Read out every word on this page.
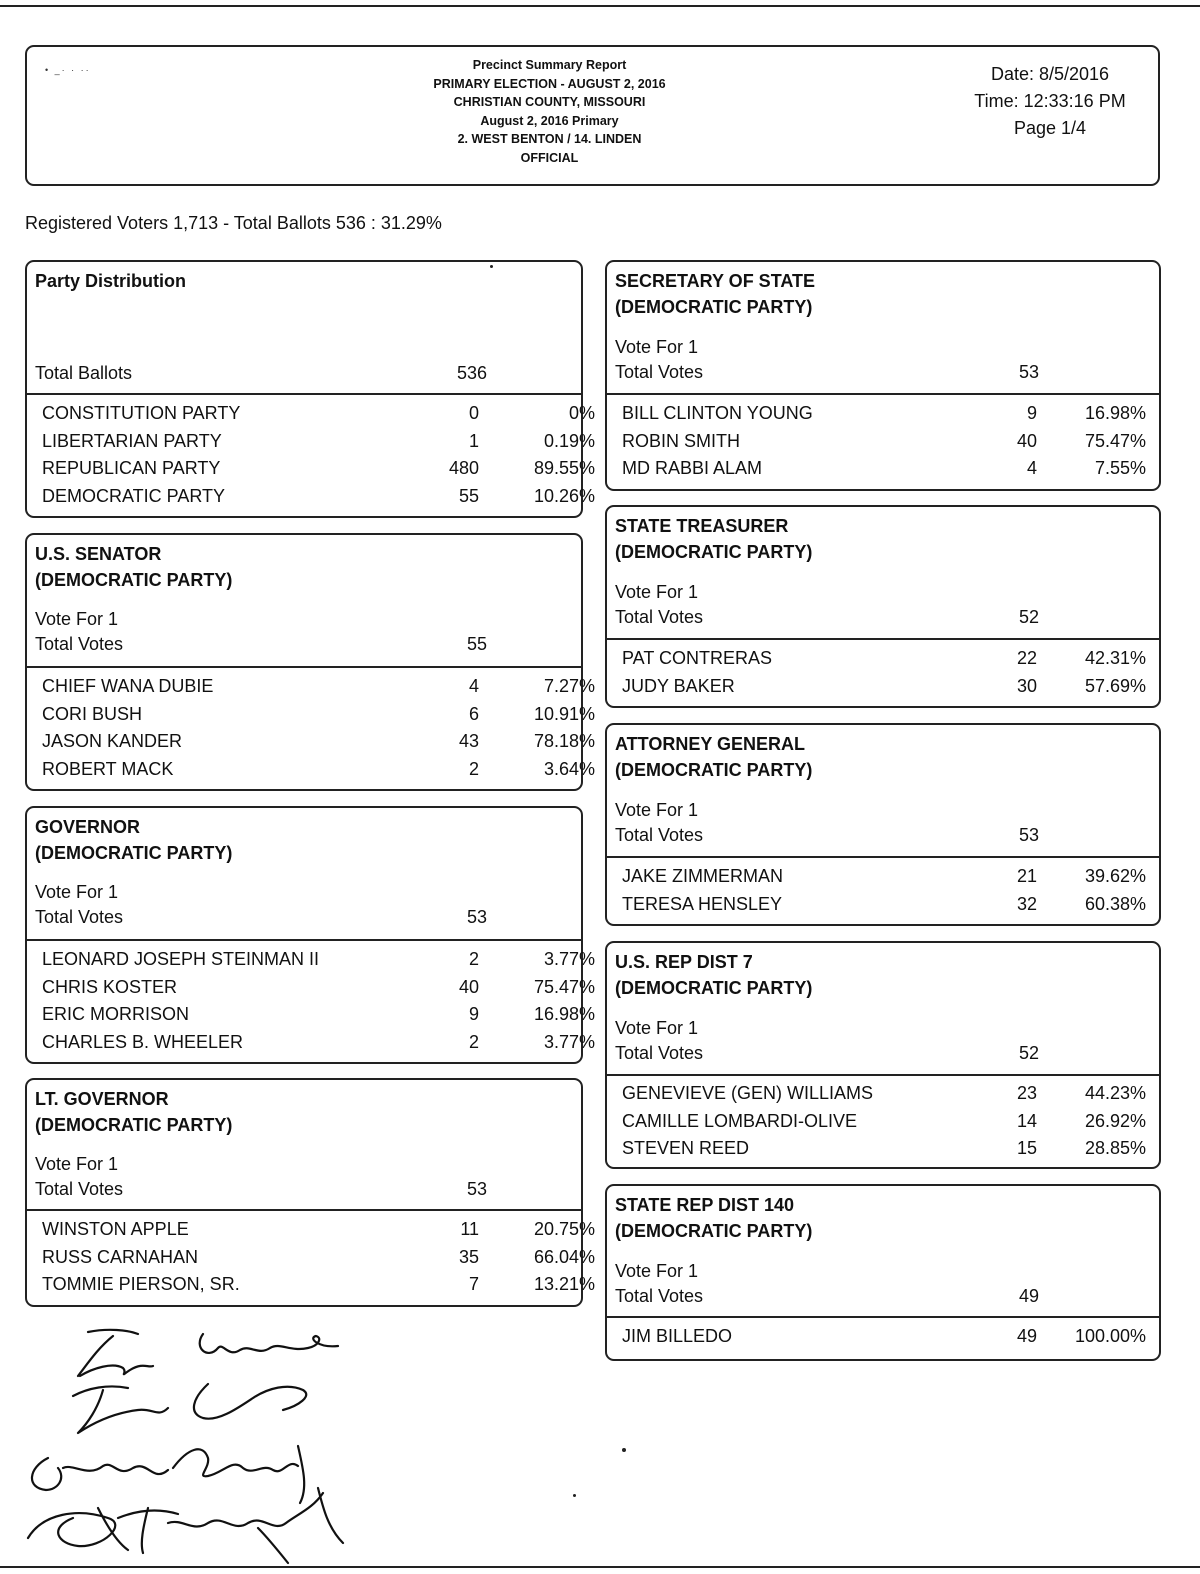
• _· · ··	Precinct Summary Report
PRIMARY ELECTION - AUGUST 2, 2016
CHRISTIAN COUNTY, MISSOURI
August 2, 2016 Primary
2. WEST BENTON / 14. LINDEN
OFFICIAL
Date: 8/5/2016
Time: 12:33:16 PM
Page 1/4
Registered Voters 1,713 - Total Ballots 536 : 31.29%
Party Distribution
Total Ballots	536
CONSTITUTION PARTY	0	0%
LIBERTARIAN PARTY	1	0.19%
REPUBLICAN PARTY	480	89.55%
DEMOCRATIC PARTY	55	10.26%
U.S. SENATOR
(DEMOCRATIC PARTY)
Vote For 1
Total Votes	55
CHIEF WANA DUBIE	4	7.27%
CORI BUSH	6	10.91%
JASON KANDER	43	78.18%
ROBERT MACK	2	3.64%
GOVERNOR
(DEMOCRATIC PARTY)
Vote For 1
Total Votes	53
LEONARD JOSEPH STEINMAN II	2	3.77%
CHRIS KOSTER	40	75.47%
ERIC MORRISON	9	16.98%
CHARLES B. WHEELER	2	3.77%
LT. GOVERNOR
(DEMOCRATIC PARTY)
Vote For 1
Total Votes	53
WINSTON APPLE	11	20.75%
RUSS CARNAHAN	35	66.04%
TOMMIE PIERSON, SR.	7	13.21%
SECRETARY OF STATE
(DEMOCRATIC PARTY)
Vote For 1
Total Votes	53
BILL CLINTON YOUNG	9	16.98%
ROBIN SMITH	40	75.47%
MD RABBI ALAM	4	7.55%
STATE TREASURER
(DEMOCRATIC PARTY)
Vote For 1
Total Votes	52
PAT CONTRERAS	22	42.31%
JUDY BAKER	30	57.69%
ATTORNEY GENERAL
(DEMOCRATIC PARTY)
Vote For 1
Total Votes	53
JAKE ZIMMERMAN	21	39.62%
TERESA HENSLEY	32	60.38%
U.S. REP DIST 7
(DEMOCRATIC PARTY)
Vote For 1
Total Votes	52
GENEVIEVE (GEN) WILLIAMS	23	44.23%
CAMILLE LOMBARDI-OLIVE	14	26.92%
STEVEN REED	15	28.85%
STATE REP DIST 140
(DEMOCRATIC PARTY)
Vote For 1
Total Votes	49
JIM BILLEDO	49	100.00%
